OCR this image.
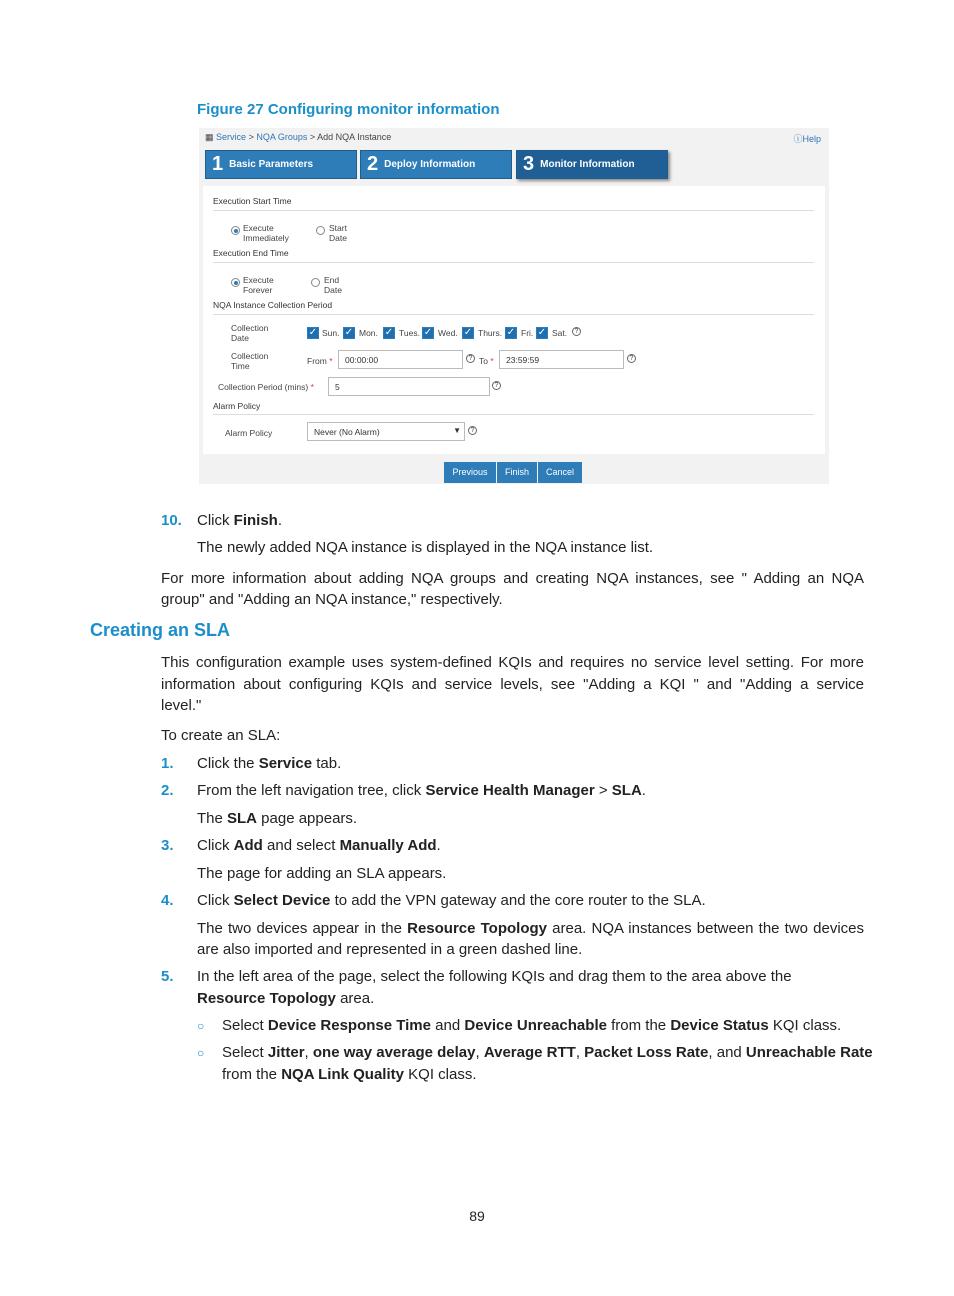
Figure 27 Configuring monitor information
▦ Service > NQA Groups > Add NQA Instance	ⓘHelp
1 Basic Parameters	2 Deploy Information 3 Monitor Information
Execution Start Time
Execute
Immediately
Start
Date
Execution End Time
Execute
Forever
End
Date
NQA Instance Collection Period
Collection
Date	✓ Sun. ✓ Mon. ✓ Tues. ✓ Wed. ✓ Thurs. ✓ Fri. ✓ Sat.	?
Collection
Time	From *	00:00:00	? To *	23:59:59	?
Collection Period (mins) *	5	?
Alarm Policy
Alarm Policy	Never (No Alarm)	▼	?
Previous	Finish	Cancel
10. Click Finish.
The newly added NQA instance is displayed in the NQA instance list.
For more information about adding NQA groups and creating NQA instances, see " Adding an NQA
group" and "Adding an NQA instance," respectively.
Creating an SLA
This configuration example uses system-defined KQIs and requires no service level setting. For more
information about configuring KQIs and service levels, see "Adding a KQI " and "Adding a service
level."
To create an SLA:
1. Click the Service tab.
2. From the left navigation tree, click Service Health Manager > SLA.
The SLA page appears.
3. Click Add and select Manually Add.
The page for adding an SLA appears.
4. Click Select Device to add the VPN gateway and the core router to the SLA.
The two devices appear in the Resource Topology area. NQA instances between the two devices
are also imported and represented in a green dashed line.
5. In the left area of the page, select the following KQIs and drag them to the area above the
Resource Topology area.
○ Select Device Response Time and Device Unreachable from the Device Status KQI class.
○ Select Jitter, one way average delay, Average RTT, Packet Loss Rate, and Unreachable Rate
from the NQA Link Quality KQI class.
89
